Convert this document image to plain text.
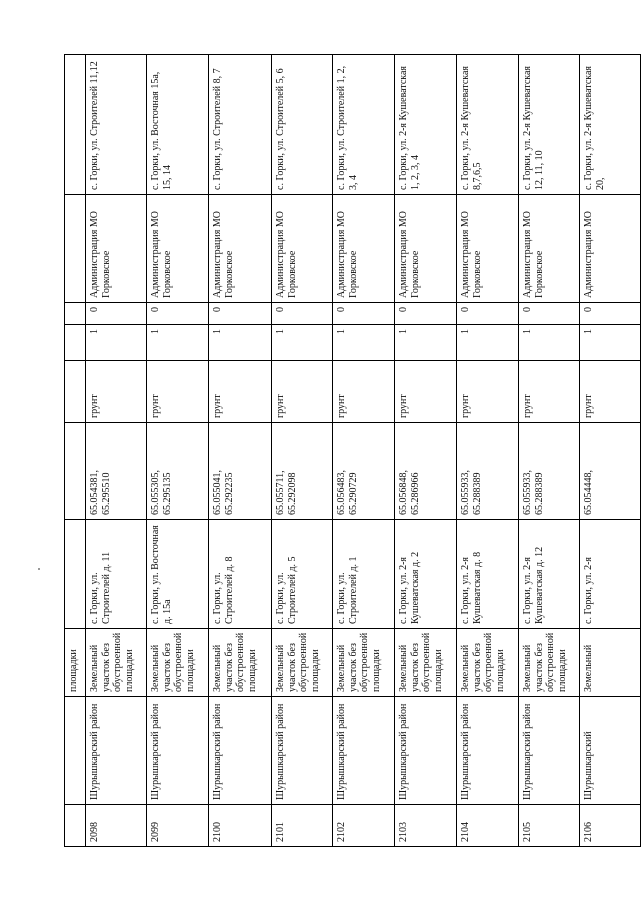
площадки
2098
Шурышкарский район
Земельный участок без обустроенной площадки
с. Горки, ул. Строителей д. 11
65.054381, 65.295510
грунт
1
0
Администрация МО Горковское
с. Горки, ул. Строителей 11,12
2099
Шурышкарский район
Земельный участок без обустроенной площадки
с. Горки, ул. Восточная д. 15а
65.055305, 65.295135
грунт
1
0
Администрация МО Горковское
с. Горки, ул. Восточная 15а, 15, 14
2100
Шурышкарский район
Земельный участок без обустроенной площадки
с. Горки, ул. Строителей д. 8
65.055041, 65.292235
грунт
1
0
Администрация МО Горковское
с. Горки, ул. Строителей 8, 7
2101
Шурышкарский район
Земельный участок без обустроенной площадки
с. Горки, ул. Строителей д. 5
65.055711, 65.292098
грунт
1
0
Администрация МО Горковское
с. Горки, ул. Строителей 5, 6
2102
Шурышкарский район
Земельный участок без обустроенной площадки
с. Горки, ул. Строителей д. 1
65.056483, 65.290729
грунт
1
0
Администрация МО Горковское
с. Горки, ул. Строителей 1, 2, 3, 4
2103
Шурышкарский район
Земельный участок без обустроенной площадки
с. Горки, ул. 2-я Кушеватская д. 2
65.056848, 65.286966
грунт
1
0
Администрация МО Горковское
с. Горки, ул. 2-я Кушеватская 1, 2, 3, 4
2104
Шурышкарский район
Земельный участок без обустроенной площадки
с. Горки, ул. 2-я Кушеватская д. 8
65.055933, 65.288389
грунт
1
0
Администрация МО Горковское
с. Горки, ул. 2-я Кушеватская 8,7,6,5
2105
Шурышкарский район
Земельный участок без обустроенной площадки
с. Горки, ул. 2-я Кушеватская д. 12
65.055933, 65.288389
грунт
1
0
Администрация МО Горковское
с. Горки, ул. 2-я Кушеватская 12, 11, 10
2106
Шурышкарский
Земельный
с. Горки, ул. 2-я
65.054448,
грунт
1
0
Администрация МО
с. Горки, ул. 2-я Кушеватская 20,
